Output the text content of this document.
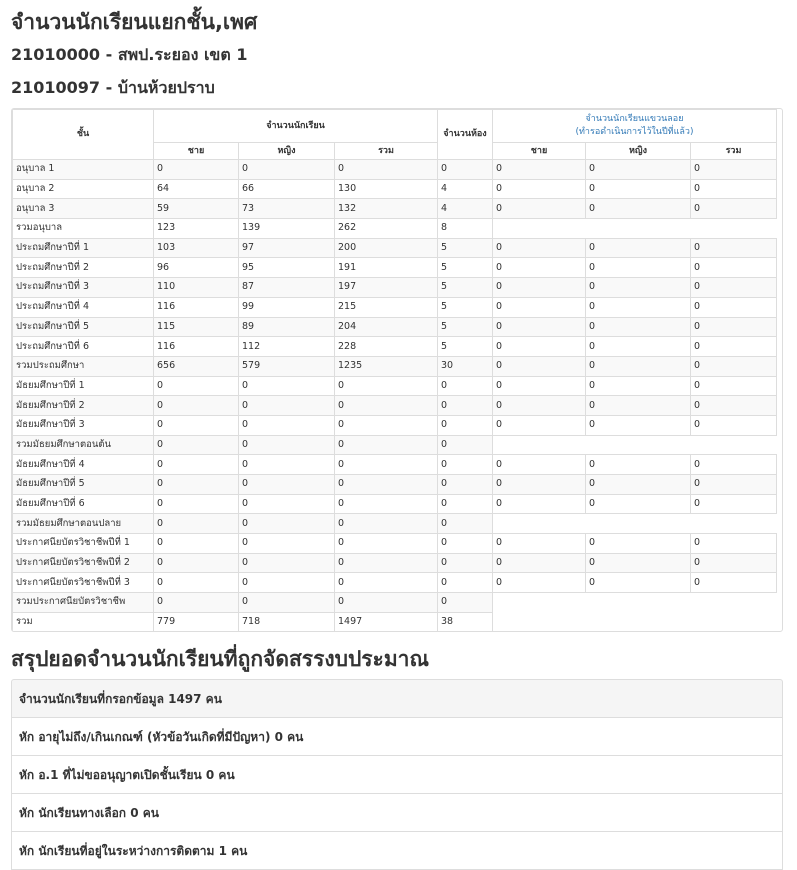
จำนวนนักเรียนแยกชั้น,เพศ
21010000 - สพป.ระยอง เขต 1
21010097 - บ้านห้วยปราบ
ชั้น	จำนวนนักเรียน			จำนวนห้อง	จำนวนนักเรียนแขวนลอย
(ทำรอดำเนินการไว้ในปีที่แล้ว)		
	ชาย	หญิง	รวม		ชาย	หญิง	รวม
อนุบาล 1	0	0	0	0	0	0	0
อนุบาล 2	64	66	130	4	0	0	0
อนุบาล 3	59	73	132	4	0	0	0
รวมอนุบาล	123	139	262	8			
ประถมศึกษาปีที่ 1	103	97	200	5	0	0	0
ประถมศึกษาปีที่ 2	96	95	191	5	0	0	0
ประถมศึกษาปีที่ 3	110	87	197	5	0	0	0
ประถมศึกษาปีที่ 4	116	99	215	5	0	0	0
ประถมศึกษาปีที่ 5	115	89	204	5	0	0	0
ประถมศึกษาปีที่ 6	116	112	228	5	0	0	0
รวมประถมศึกษา	656	579	1235	30	0	0	0
มัธยมศึกษาปีที่ 1	0	0	0	0	0	0	0
มัธยมศึกษาปีที่ 2	0	0	0	0	0	0	0
มัธยมศึกษาปีที่ 3	0	0	0	0	0	0	0
รวมมัธยมศึกษาตอนต้น	0	0	0	0			
มัธยมศึกษาปีที่ 4	0	0	0	0	0	0	0
มัธยมศึกษาปีที่ 5	0	0	0	0	0	0	0
มัธยมศึกษาปีที่ 6	0	0	0	0	0	0	0
รวมมัธยมศึกษาตอนปลาย	0	0	0	0			
ประกาศนียบัตรวิชาชีพปีที่ 1	0	0	0	0	0	0	0
ประกาศนียบัตรวิชาชีพปีที่ 2	0	0	0	0	0	0	0
ประกาศนียบัตรวิชาชีพปีที่ 3	0	0	0	0	0	0	0
รวมประกาศนียบัตรวิชาชีพ	0	0	0	0			
รวม	779	718	1497	38			
สรุปยอดจำนวนนักเรียนที่ถูกจัดสรรงบประมาณ
จำนวนนักเรียนที่กรอกข้อมูล 1497 คน
หัก อายุไม่ถึง/เกินเกณฑ์ (หัวข้อวันเกิดที่มีปัญหา) 0 คน
หัก อ.1 ที่ไม่ขออนุญาตเปิดชั้นเรียน 0 คน
หัก นักเรียนทางเลือก 0 คน
หัก นักเรียนที่อยู่ในระหว่างการติดตาม 1 คน
